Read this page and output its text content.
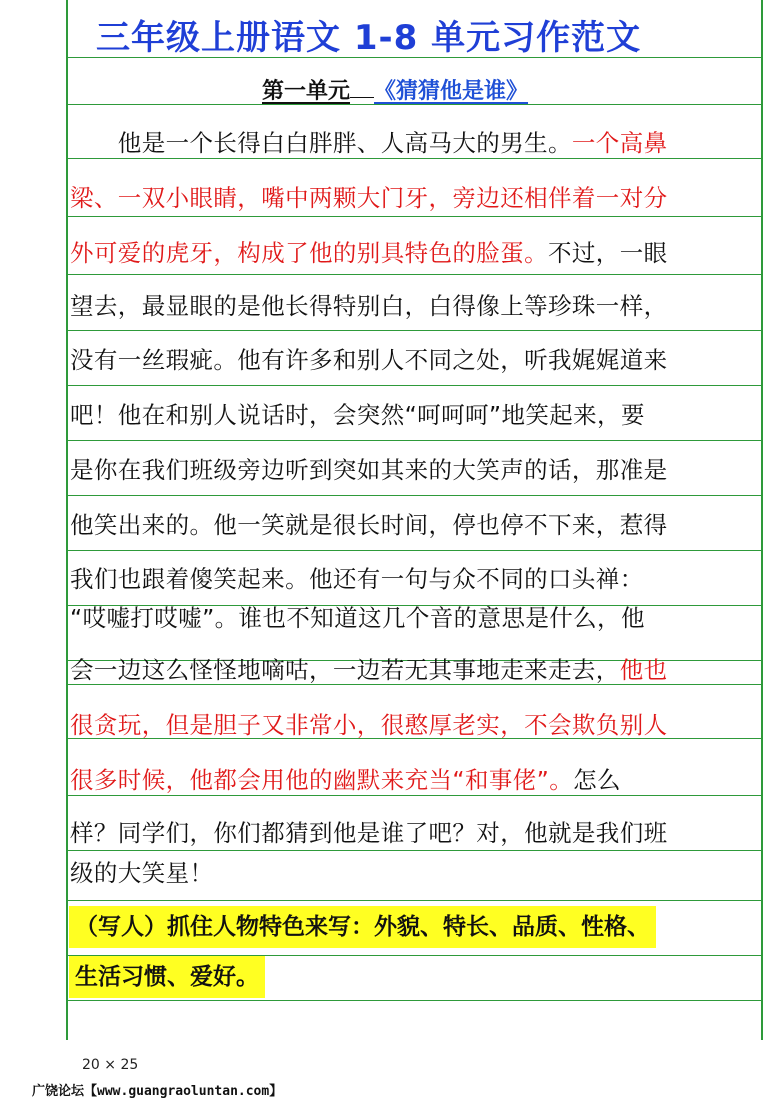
三年级上册语文 1-8 单元习作范文
第一单元 《猜猜他是谁》
　　他是一个长得白白胖胖、人高马大的男生。一个高鼻
梁、一双小眼睛，嘴中两颗大门牙，旁边还相伴着一对分
外可爱的虎牙，构成了他的别具特色的脸蛋。不过，一眼
望去，最显眼的是他长得特别白，白得像上等珍珠一样，
没有一丝瑕疵。他有许多和别人不同之处，听我娓娓道来
吧！他在和别人说话时，会突然“呵呵呵”地笑起来，要
是你在我们班级旁边听到突如其来的大笑声的话，那准是
他笑出来的。他一笑就是很长时间，停也停不下来，惹得
我们也跟着傻笑起来。他还有一句与众不同的口头禅：
“哎嘘打哎嘘”。谁也不知道这几个音的意思是什么，他
会一边这么怪怪地嘀咕，一边若无其事地走来走去，他也
很贪玩，但是胆子又非常小，很憨厚老实，不会欺负别人
很多时候，他都会用他的幽默来充当“和事佬”。怎么
样？同学们，你们都猜到他是谁了吧？对，他就是我们班
级的大笑星！
（写人）抓住人物特色来写：外貌、特长、品质、性格、
生活习惯、爱好。
20 × 25
广饶论坛【www.guangraoluntan.com】
